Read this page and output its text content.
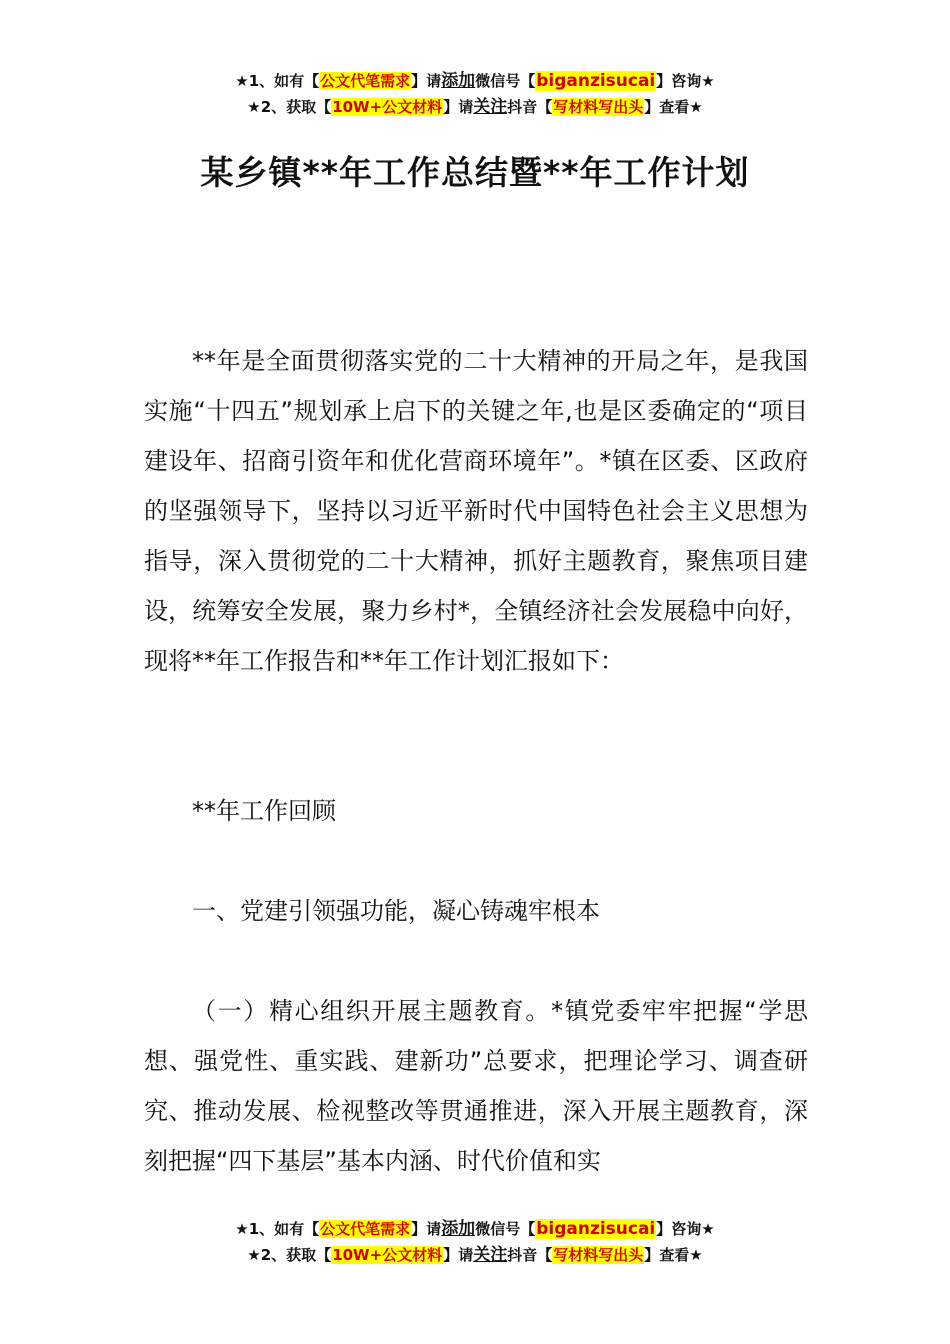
★1、如有【公文代笔需求】请添加微信号【biganzisucai】咨询★
★2、获取【10W+公文材料】请关注抖音【写材料写出头】查看★
某乡镇**年工作总结暨**年工作计划

**年是全面贯彻落实党的二十大精神的开局之年，是我国实施“十四五”规划承上启下的关键之年,也是区委确定的“项目建设年、招商引资年和优化营商环境年”。*镇在区委、区政府的坚强领导下，坚持以习近平新时代中国特色社会主义思想为指导，深入贯彻党的二十大精神，抓好主题教育，聚焦项目建设，统筹安全发展，聚力乡村*，全镇经济社会发展稳中向好，现将**年工作报告和**年工作计划汇报如下：

**年工作回顾

一、党建引领强功能，凝心铸魂牢根本

（一）精心组织开展主题教育。*镇党委牢牢把握“学思想、强党性、重实践、建新功”总要求，把理论学习、调查研究、推动发展、检视整改等贯通推进，深入开展主题教育，深刻把握“四下基层”基本内涵、时代价值和实

★1、如有【公文代笔需求】请添加微信号【biganzisucai】咨询★
★2、获取【10W+公文材料】请关注抖音【写材料写出头】查看★
